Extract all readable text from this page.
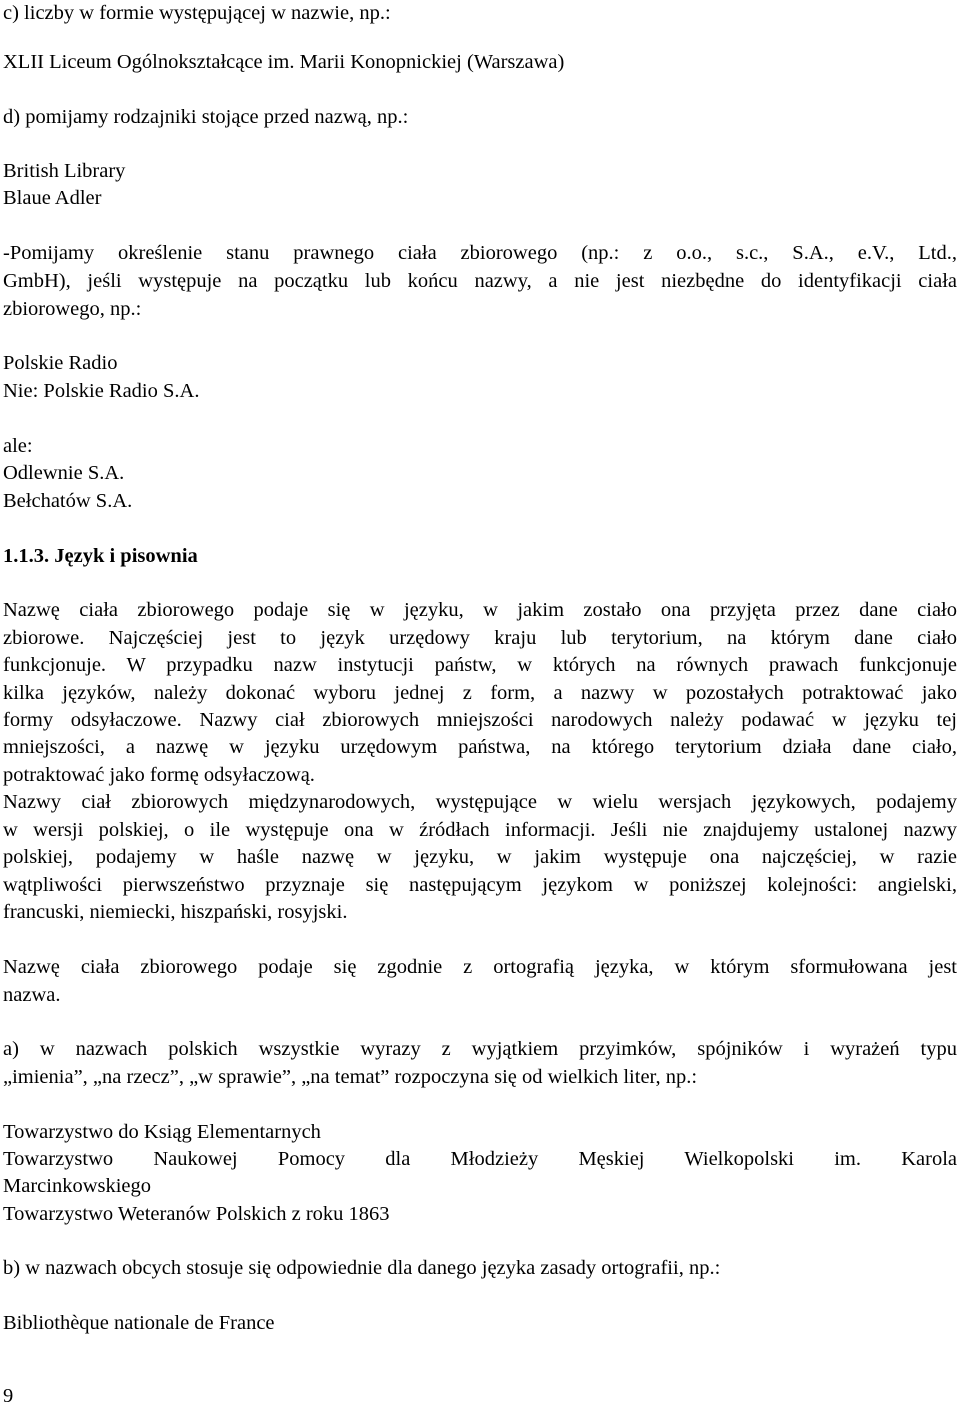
c) liczby w formie występującej w nazwie, np.:
XLII Liceum Ogólnokształcące im. Marii Konopnickiej (Warszawa)
d) pomijamy rodzajniki stojące przed nazwą, np.:
British Library
Blaue Adler
-Pomijamy określenie stanu prawnego ciała zbiorowego (np.: z o.o., s.c., S.A., e.V., Ltd.,
GmbH), jeśli występuje na początku lub końcu nazwy, a nie jest niezbędne do identyfikacji ciała
zbiorowego, np.:
Polskie Radio
Nie: Polskie Radio S.A.
ale:
Odlewnie S.A.
Bełchatów S.A.
1.1.3. Język i pisownia
Nazwę ciała zbiorowego podaje się w języku, w jakim zostało ona przyjęta przez dane ciało
zbiorowe. Najczęściej jest to język urzędowy kraju lub terytorium, na którym dane ciało
funkcjonuje. W przypadku nazw instytucji państw, w których na równych prawach funkcjonuje
kilka języków, należy dokonać wyboru jednej z form, a nazwy w pozostałych potraktować jako
formy odsyłaczowe. Nazwy ciał zbiorowych mniejszości narodowych należy podawać w języku tej
mniejszości, a nazwę w języku urzędowym państwa, na którego terytorium działa dane ciało,
potraktować jako formę odsyłaczową.
Nazwy ciał zbiorowych międzynarodowych, występujące w wielu wersjach językowych, podajemy
w wersji polskiej, o ile występuje ona w źródłach informacji. Jeśli nie znajdujemy ustalonej nazwy
polskiej, podajemy w haśle nazwę w języku, w jakim występuje ona najczęściej, w razie
wątpliwości pierwszeństwo przyznaje się następującym językom w poniższej kolejności: angielski,
francuski, niemiecki, hiszpański, rosyjski.
Nazwę ciała zbiorowego podaje się zgodnie z ortografią języka, w którym sformułowana jest
nazwa.
a) w nazwach polskich wszystkie wyrazy z wyjątkiem przyimków, spójników i wyrażeń typu
„imienia”, „na rzecz”, „w sprawie”, „na temat” rozpoczyna się od wielkich liter, np.:
Towarzystwo do Ksiąg Elementarnych
Towarzystwo Naukowej Pomocy dla Młodzieży Męskiej Wielkopolski im. Karola
Marcinkowskiego
Towarzystwo Weteranów Polskich z roku 1863
b) w nazwach obcych stosuje się odpowiednie dla danego języka zasady ortografii, np.:
Bibliothèque nationale de France
9
